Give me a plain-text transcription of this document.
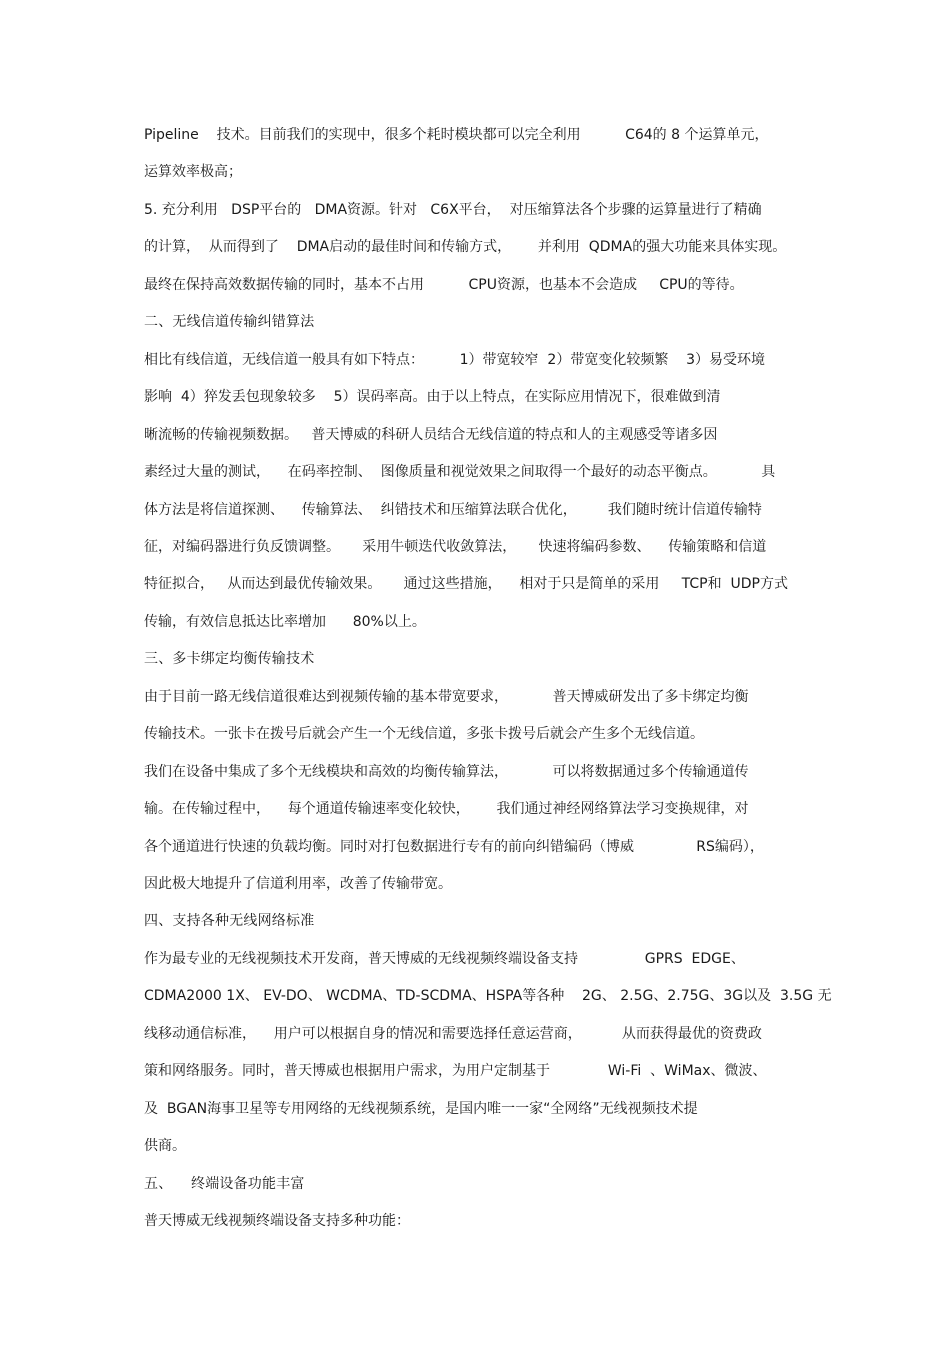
Pipeline    技术。目前我们的实现中，很多个耗时模块都可以完全利用          C64的 8 个运算单元，
运算效率极高；
5. 充分利用   DSP平台的   DMA资源。针对   C6X平台，  对压缩算法各个步骤的运算量进行了精确
的计算，  从而得到了    DMA启动的最佳时间和传输方式，      并利用  QDMA的强大功能来具体实现。
最终在保持高效数据传输的同时，基本不占用          CPU资源，也基本不会造成     CPU的等待。
二、无线信道传输纠错算法
相比有线信道，无线信道一般具有如下特点：        1）带宽较窄  2）带宽变化较频繁    3）易受环境
影响  4）猝发丢包现象较多    5）误码率高。由于以上特点，在实际应用情况下，很难做到清
晰流畅的传输视频数据。   普天博威的科研人员结合无线信道的特点和人的主观感受等诸多因
素经过大量的测试，    在码率控制、  图像质量和视觉效果之间取得一个最好的动态平衡点。          具
体方法是将信道探测、    传输算法、  纠错技术和压缩算法联合优化，       我们随时统计信道传输特
征，对编码器进行负反馈调整。     采用牛顿迭代收敛算法，     快速将编码参数、    传输策略和信道
特征拟合，   从而达到最优传输效果。     通过这些措施，    相对于只是简单的采用     TCP和  UDP方式
传输，有效信息抵达比率增加      80%以上。
三、多卡绑定均衡传输技术
由于目前一路无线信道很难达到视频传输的基本带宽要求，          普天博威研发出了多卡绑定均衡
传输技术。一张卡在拨号后就会产生一个无线信道，多张卡拨号后就会产生多个无线信道。
我们在设备中集成了多个无线模块和高效的均衡传输算法，          可以将数据通过多个传输通道传
输。在传输过程中，    每个通道传输速率变化较快，      我们通过神经网络算法学习变换规律，对
各个通道进行快速的负载均衡。同时对打包数据进行专有的前向纠错编码（博威              RS编码），
因此极大地提升了信道利用率，改善了传输带宽。
四、支持各种无线网络标准
作为最专业的无线视频技术开发商，普天博威的无线视频终端设备支持               GPRS  EDGE、
CDMA2000 1X、 EV-DO、 WCDMA、TD-SCDMA、HSPA等各种    2G、 2.5G、2.75G、3G以及  3.5G 无
线移动通信标准，    用户可以根据自身的情况和需要选择任意运营商，         从而获得最优的资费政
策和网络服务。同时，普天博威也根据用户需求，为用户定制基于             Wi-Fi  、WiMax、微波、
及  BGAN海事卫星等专用网络的无线视频系统，是国内唯一一家“全网络”无线视频技术提
供商。
五、    终端设备功能丰富
普天博威无线视频终端设备支持多种功能：
